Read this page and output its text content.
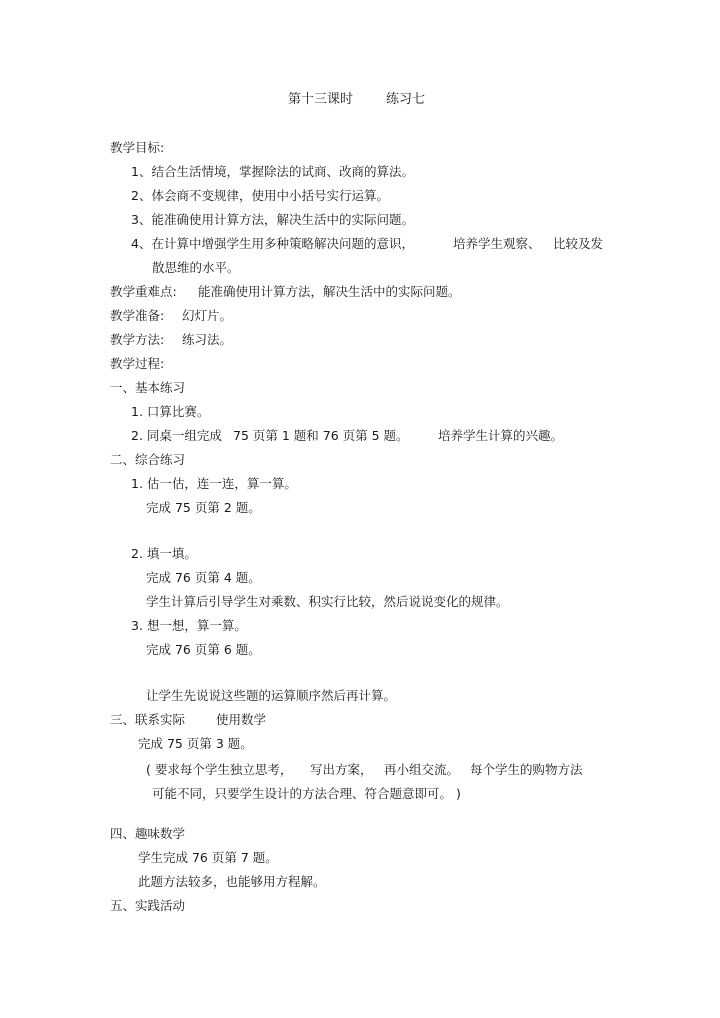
第十三课时	练习七
教学目标:
1、结合生活情境，掌握除法的试商、改商的算法。
2、体会商不变规律，使用中小括号实行运算。
3、能准确使用计算方法，解决生活中的实际问题。
4、在计算中增强学生用多种策略解决问题的意识，	培养学生观察、 比较及发
散思维的水平。
教学重难点: 能准确使用计算方法，解决生活中的实际问题。
教学准备: 幻灯片。
教学方法: 练习法。
教学过程:
一、基本练习
1. 口算比赛。
2. 同桌一组完成 75 页第 1 题和 76 页第 5 题。 培养学生计算的兴趣。
二、综合练习
1. 估一估，连一连，算一算。
完成 75 页第 2 题。
2. 填一填。
完成 76 页第 4 题。
学生计算后引导学生对乘数、积实行比较，然后说说变化的规律。
3. 想一想，算一算。
完成 76 页第 6 题。
让学生先说说这些题的运算顺序然后再计算。
三、联系实际 使用数学
完成 75 页第 3 题。
( 要求每个学生独立思考， 写出方案， 再小组交流。 每个学生的购物方法
可能不同，只要学生设计的方法合理、符合题意即可。 )
四、趣味数学
学生完成 76 页第 7 题。
此题方法较多，也能够用方程解。
五、实践活动
